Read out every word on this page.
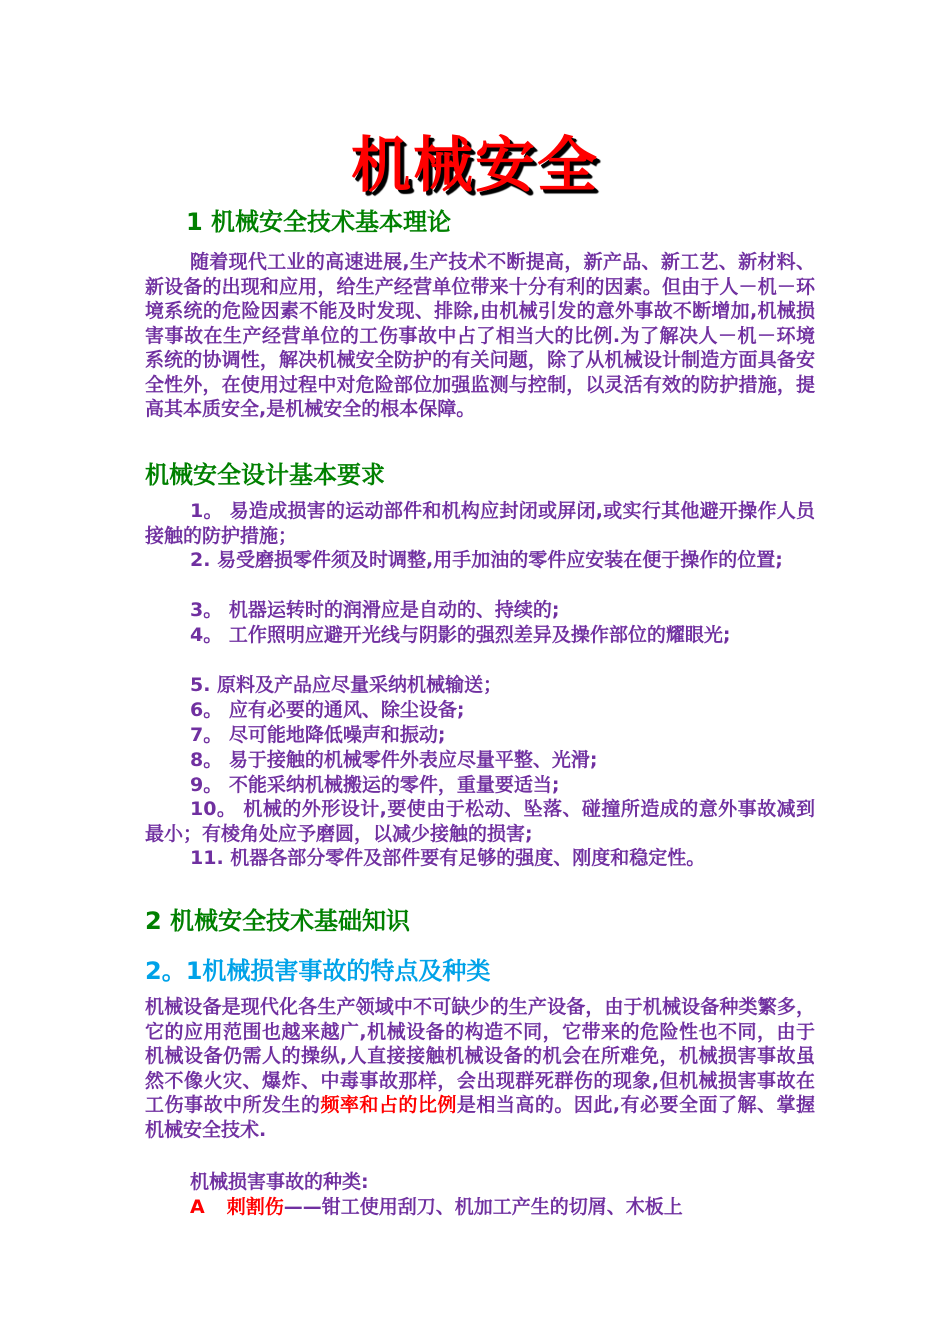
机械安全
1 机械安全技术基本理论
随着现代工业的高速进展,生产技术不断提高，新产品、新工艺、新材料、新设备的出现和应用，给生产经营单位带来十分有利的因素。但由于人－机－环境系统的危险因素不能及时发现、排除,由机械引发的意外事故不断增加,机械损害事故在生产经营单位的工伤事故中占了相当大的比例.为了解决人－机－环境系统的协调性，解决机械安全防护的有关问题，除了从机械设计制造方面具备安全性外，在使用过程中对危险部位加强监测与控制，以灵活有效的防护措施，提高其本质安全,是机械安全的根本保障。
机械安全设计基本要求
1。 易造成损害的运动部件和机构应封闭或屏闭,或实行其他避开操作人员接触的防护措施；
2. 易受磨损零件须及时调整,用手加油的零件应安装在便于操作的位置;
3。 机器运转时的润滑应是自动的、持续的;
4。 工作照明应避开光线与阴影的强烈差异及操作部位的耀眼光;
5. 原料及产品应尽量采纳机械输送；
6。 应有必要的通风、除尘设备;
7。 尽可能地降低噪声和振动;
8。 易于接触的机械零件外表应尽量平整、光滑;
9。 不能采纳机械搬运的零件，重量要适当;
10。 机械的外形设计,要使由于松动、坠落、碰撞所造成的意外事故减到最小；有棱角处应予磨圆，以减少接触的损害;
11. 机器各部分零件及部件要有足够的强度、刚度和稳定性。
2 机械安全技术基础知识
2。1机械损害事故的特点及种类
机械设备是现代化各生产领域中不可缺少的生产设备，由于机械设备种类繁多，它的应用范围也越来越广,机械设备的构造不同，它带来的危险性也不同，由于机械设备仍需人的操纵,人直接接触机械设备的机会在所难免，机械损害事故虽然不像火灾、爆炸、中毒事故那样，会出现群死群伤的现象,但机械损害事故在工伤事故中所发生的频率和占的比例是相当高的。因此,有必要全面了解、掌握机械安全技术.
机械损害事故的种类:
A 刺割伤——钳工使用刮刀、机加工产生的切屑、木板上
